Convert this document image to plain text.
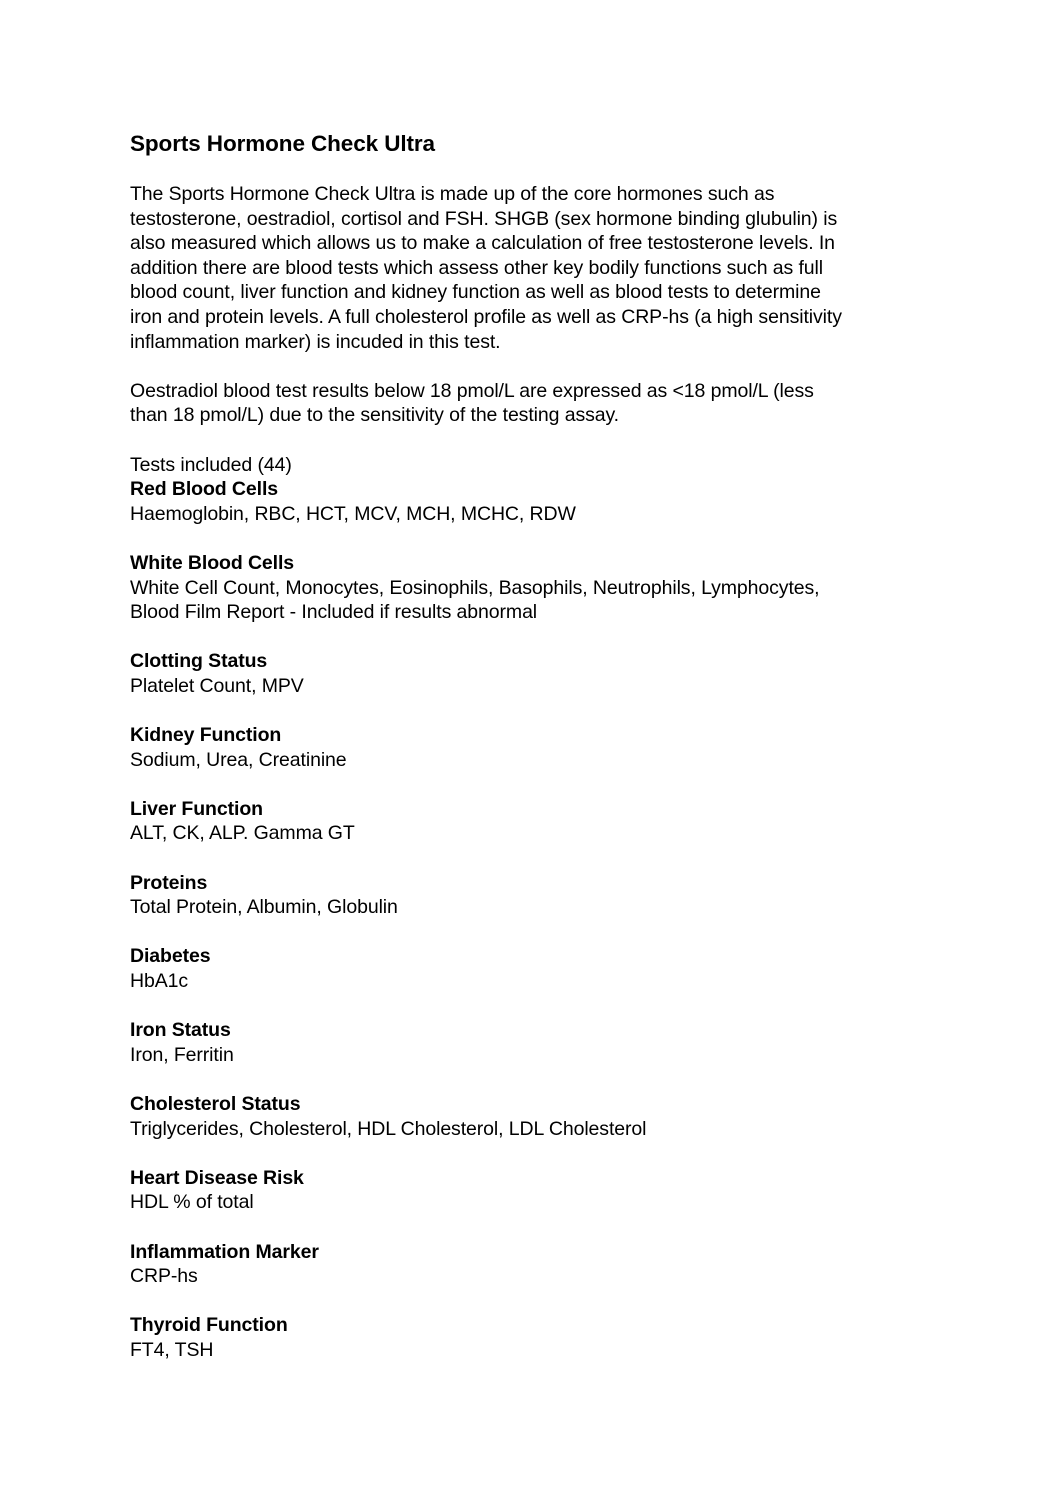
Sports Hormone Check Ultra

The Sports Hormone Check Ultra is made up of the core hormones such as
testosterone, oestradiol, cortisol and FSH. SHGB (sex hormone binding glubulin) is
also measured which allows us to make a calculation of free testosterone levels. In
addition there are blood tests which assess other key bodily functions such as full
blood count, liver function and kidney function as well as blood tests to determine
iron and protein levels. A full cholesterol profile as well as CRP-hs (a high sensitivity
inflammation marker) is incuded in this test.

Oestradiol blood test results below 18 pmol/L are expressed as <18 pmol/L (less
than 18 pmol/L) due to the sensitivity of the testing assay.

Tests included (44)

Red Blood Cells
Haemoglobin, RBC, HCT, MCV, MCH, MCHC, RDW
White Blood Cells
White Cell Count, Monocytes, Eosinophils, Basophils, Neutrophils, Lymphocytes,
Blood Film Report - Included if results abnormal
Clotting Status
Platelet Count, MPV
Kidney Function
Sodium, Urea, Creatinine
Liver Function
ALT, CK, ALP. Gamma GT
Proteins
Total Protein, Albumin, Globulin
Diabetes
HbA1c
Iron Status
Iron, Ferritin
Cholesterol Status
Triglycerides, Cholesterol, HDL Cholesterol, LDL Cholesterol
Heart Disease Risk
HDL % of total
Inflammation Marker
CRP-hs
Thyroid Function
FT4, TSH
